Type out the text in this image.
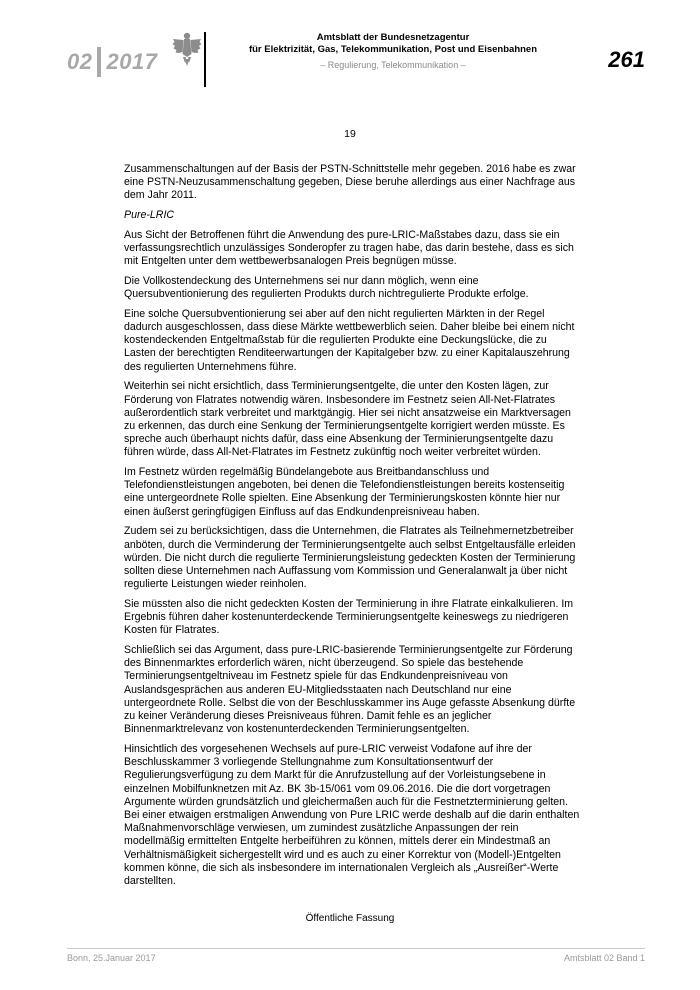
02 2017
Amtsblatt der Bundesnetzagentur
für Elektrizität, Gas, Telekommunikation, Post und Eisenbahnen
– Regulierung, Telekommunikation –	261
19

Zusammenschaltungen auf der Basis der PSTN-Schnittstelle mehr gegeben. 2016 habe es zwar eine PSTN-Neuzusammenschaltung gegeben, Diese beruhe allerdings aus einer Nachfrage aus dem Jahr 2011.

Pure-LRIC

Aus Sicht der Betroffenen führt die Anwendung des pure-LRIC-Maßstabes dazu, dass sie ein verfassungsrechtlich unzulässiges Sonderopfer zu tragen habe, das darin bestehe, dass es sich mit Entgelten unter dem wettbewerbsanalogen Preis begnügen müsse.

Die Vollkostendeckung des Unternehmens sei nur dann möglich, wenn eine Quersubventionierung des regulierten Produkts durch nichtregulierte Produkte erfolge.

Eine solche Quersubventionierung sei aber auf den nicht regulierten Märkten in der Regel dadurch ausgeschlossen, dass diese Märkte wettbewerblich seien. Daher bleibe bei einem nicht kostendeckenden Entgeltmaßstab für die regulierten Produkte eine Deckungslücke, die zu Lasten der berechtigten Renditeerwartungen der Kapitalgeber bzw. zu einer Kapitalauszehrung des regulierten Unternehmens führe.

Weiterhin sei nicht ersichtlich, dass Terminierungsentgelte, die unter den Kosten lägen, zur Förderung von Flatrates notwendig wären. Insbesondere im Festnetz seien All-Net-Flatrates außerordentlich stark verbreitet und marktgängig. Hier sei nicht ansatzweise ein Marktversagen zu erkennen, das durch eine Senkung der Terminierungsentgelte korrigiert werden müsste. Es spreche auch überhaupt nichts dafür, dass eine Absenkung der Terminierungsentgelte dazu führen würde, dass All-Net-Flatrates im Festnetz zukünftig noch weiter verbreitet würden.

Im Festnetz würden regelmäßig Bündelangebote aus Breitbandanschluss und Telefondienstleistungen angeboten, bei denen die Telefondienstleistungen bereits kostenseitig eine untergeordnete Rolle spielten. Eine Absenkung der Terminierungskosten könnte hier nur einen äußerst geringfügigen Einfluss auf das Endkundenpreisniveau haben.

Zudem sei zu berücksichtigen, dass die Unternehmen, die Flatrates als Teilnehmernetzbetreiber anböten, durch die Verminderung der Terminierungsentgelte auch selbst Entgeltausfälle erleiden würden. Die nicht durch die regulierte Terminierungsleistung gedeckten Kosten der Terminierung sollten diese Unternehmen nach Auffassung vom Kommission und Generalanwalt ja über nicht regulierte Leistungen wieder reinholen.

Sie müssten also die nicht gedeckten Kosten der Terminierung in ihre Flatrate einkalkulieren. Im Ergebnis führen daher kostenunterdeckende Terminierungsentgelte keineswegs zu niedrigeren Kosten für Flatrates.

Schließlich sei das Argument, dass pure-LRIC-basierende Terminierungsentgelte zur Förderung des Binnenmarktes erforderlich wären, nicht überzeugend. So spiele das bestehende Terminierungsentgeltniveau im Festnetz spiele für das Endkundenpreisniveau von Auslandsgesprächen aus anderen EU-Mitgliedsstaaten nach Deutschland nur eine untergeordnete Rolle. Selbst die von der Beschlusskammer ins Auge gefasste Absenkung dürfte zu keiner Veränderung dieses Preisniveaus führen. Damit fehle es an jeglicher Binnenmarktrelevanz von kostenunterdeckenden Terminierungsentgelten.

Hinsichtlich des vorgesehenen Wechsels auf pure-LRIC verweist Vodafone auf ihre der Beschlusskammer 3 vorliegende Stellungnahme zum Konsultationsentwurf der Regulierungsverfügung zu dem Markt für die Anrufzustellung auf der Vorleistungsebene in einzelnen Mobilfunknetzen mit Az. BK 3b-15/061 vom 09.06.2016. Die die dort vorgetragen Argumente würden grundsätzlich und gleichermaßen auch für die Festnetzterminierung gelten. Bei einer etwaigen erstmaligen Anwendung von Pure LRIC werde deshalb auf die darin enthalten Maßnahmenvorschläge verwiesen, um zumindest zusätzliche Anpassungen der rein modellmäßig ermittelten Entgelte herbeiführen zu können, mittels derer ein Mindestmaß an Verhältnismäßigkeit sichergestellt wird und es auch zu einer Korrektur von (Modell-)Entgelten kommen könne, die sich als insbesondere im internationalen Vergleich als „Ausreißer“-Werte darstellten.

Öffentliche Fassung
Bonn, 25.Januar 2017	Amtsblatt 02 Band 1
